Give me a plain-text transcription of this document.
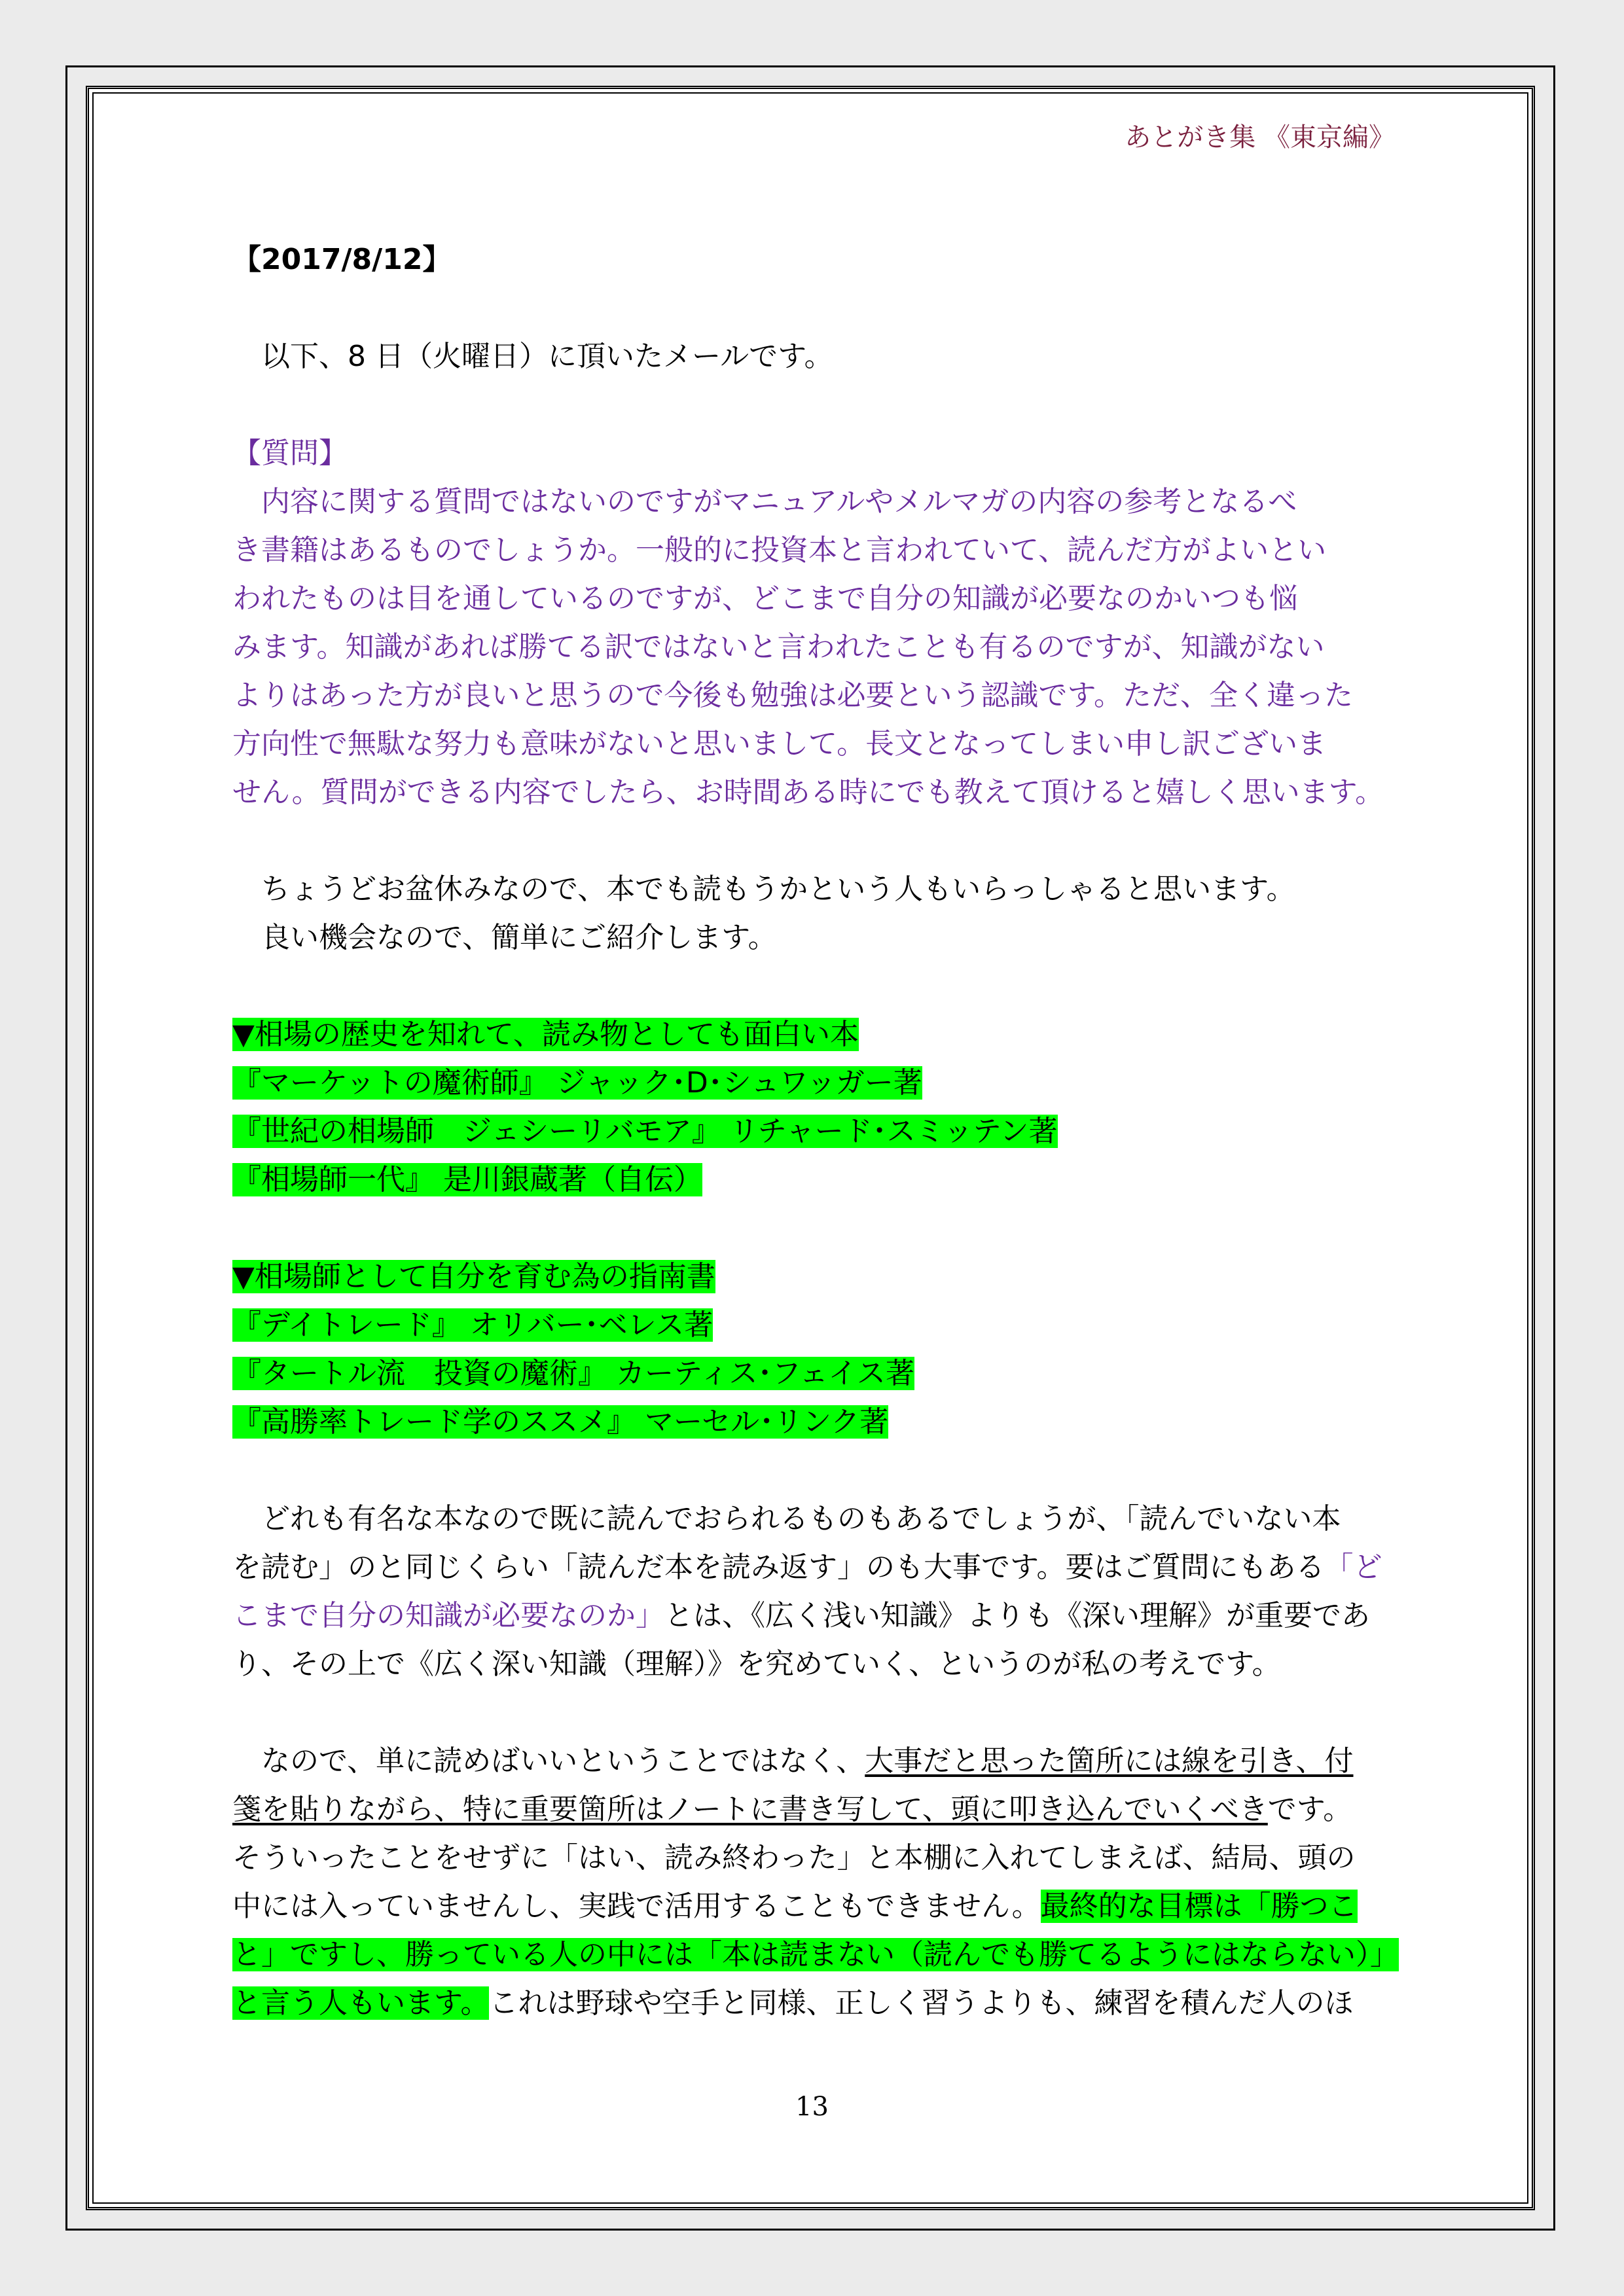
あとがき集 《東京編》
【2017/8/12】
以下、8 日（火曜日）に頂いたメールです。
【質問】
内容に関する質問ではないのですがマニュアルやメルマガの内容の参考となるべ
き書籍はあるものでしょうか。一般的に投資本と言われていて、読んだ方がよいとい
われたものは目を通しているのですが、どこまで自分の知識が必要なのかいつも悩
みます。知識があれば勝てる訳ではないと言われたことも有るのですが、知識がない
よりはあった方が良いと思うので今後も勉強は必要という認識です。ただ、全く違った
方向性で無駄な努力も意味がないと思いまして。長文となってしまい申し訳ございま
せん。質問ができる内容でしたら、お時間ある時にでも教えて頂けると嬉しく思います。
ちょうどお盆休みなので、本でも読もうかという人もいらっしゃると思います。
良い機会なので、簡単にご紹介します。
▼相場の歴史を知れて、読み物としても面白い本
『マーケットの魔術師』 ジャック･D･シュワッガー著
『世紀の相場師　ジェシーリバモア』 リチャード･スミッテン著
『相場師一代』 是川銀蔵著（自伝）
▼相場師として自分を育む為の指南書
『デイトレード』 オリバー･ベレス著
『タートル流　投資の魔術』 カーティス･フェイス著
『高勝率トレード学のススメ』 マーセル･リンク著
どれも有名な本なので既に読んでおられるものもあるでしょうが、「読んでいない本
を読む」のと同じくらい「読んだ本を読み返す」のも大事です。要はご質問にもある「ど
こまで自分の知識が必要なのか」とは、《広く浅い知識》よりも《深い理解》が重要であ
り、その上で《広く深い知識（理解）》を究めていく、というのが私の考えです。
なので、単に読めばいいということではなく、大事だと思った箇所には線を引き、付
箋を貼りながら、特に重要箇所はノートに書き写して、頭に叩き込んでいくべきです。
そういったことをせずに「はい、読み終わった」と本棚に入れてしまえば、結局、頭の
中には入っていませんし、実践で活用することもできません。最終的な目標は「勝つこ
と」ですし、勝っている人の中には「本は読まない（読んでも勝てるようにはならない）」
と言う人もいます。これは野球や空手と同様、正しく習うよりも、練習を積んだ人のほ
13
